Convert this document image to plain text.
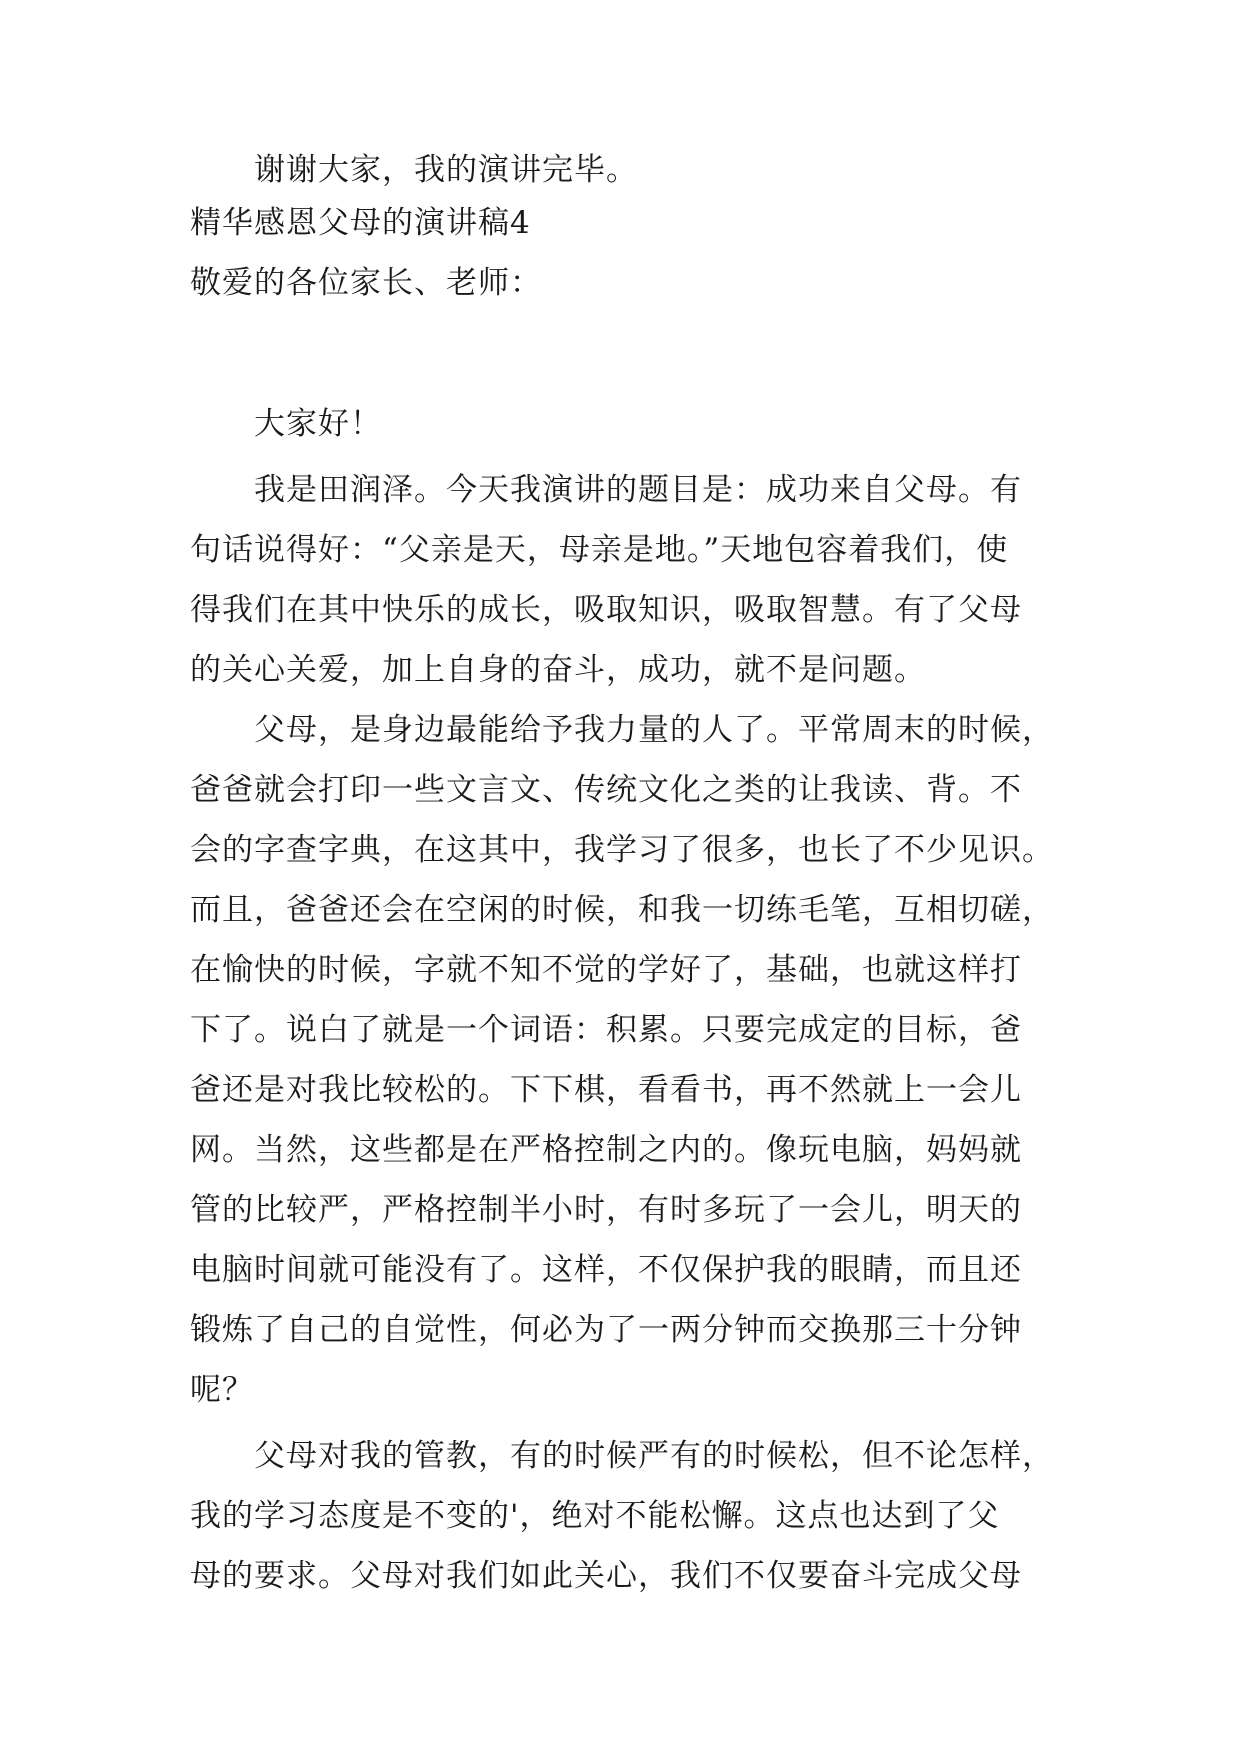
谢谢大家，我的演讲完毕。
精华感恩父母的演讲稿4
敬爱的各位家长、老师：
大家好！
我是田润泽。今天我演讲的题目是：成功来自父母。有
句话说得好：“父亲是天，母亲是地。”天地包容着我们，使
得我们在其中快乐的成长，吸取知识，吸取智慧。有了父母
的关心关爱，加上自身的奋斗，成功，就不是问题。
父母，是身边最能给予我力量的人了。平常周末的时候，
爸爸就会打印一些文言文、传统文化之类的让我读、背。不
会的字查字典，在这其中，我学习了很多，也长了不少见识。
而且，爸爸还会在空闲的时候，和我一切练毛笔，互相切磋，
在愉快的时候，字就不知不觉的学好了，基础，也就这样打
下了。说白了就是一个词语：积累。只要完成定的目标，爸
爸还是对我比较松的。下下棋，看看书，再不然就上一会儿
网。当然，这些都是在严格控制之内的。像玩电脑，妈妈就
管的比较严，严格控制半小时，有时多玩了一会儿，明天的
电脑时间就可能没有了。这样，不仅保护我的眼睛，而且还
锻炼了自己的自觉性，何必为了一两分钟而交换那三十分钟
呢？
父母对我的管教，有的时候严有的时候松，但不论怎样，
我的学习态度是不变的'，绝对不能松懈。这点也达到了父
母的要求。父母对我们如此关心，我们不仅要奋斗完成父母
